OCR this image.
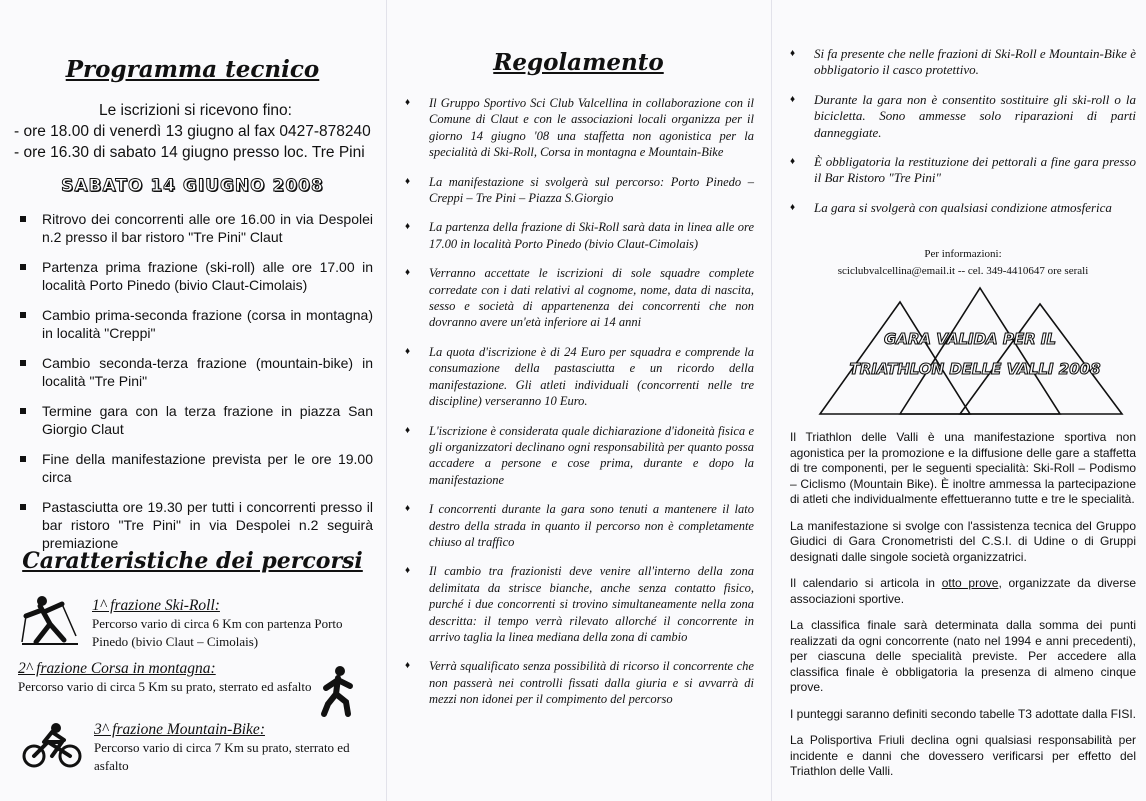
Programma tecnico
Le iscrizioni si ricevono fino:
- ore 18.00 di venerdì 13 giugno al fax 0427-878240
- ore 16.30 di sabato 14 giugno presso loc. Tre Pini
SABATO 14 GIUGNO 2008
Ritrovo dei concorrenti alle ore 16.00 in via Despolei n.2 presso il bar ristoro "Tre Pini" Claut
Partenza prima frazione (ski-roll) alle ore 17.00 in località Porto Pinedo (bivio Claut-Cimolais)
Cambio prima-seconda frazione (corsa in montagna) in località "Creppi"
Cambio seconda-terza frazione (mountain-bike) in località "Tre Pini"
Termine gara con la terza frazione in piazza San Giorgio Claut
Fine della manifestazione prevista per le ore 19.00 circa
Pastasciutta ore 19.30 per tutti i concorrenti presso il bar ristoro "Tre Pini" in via Despolei n.2 seguirà premiazione
Caratteristiche dei percorsi
1^ frazione Ski-Roll:
Percorso vario di circa 6 Km con partenza Porto Pinedo (bivio Claut – Cimolais)
2^ frazione Corsa in montagna:
Percorso vario di circa 5 Km su prato, sterrato ed asfalto
3^ frazione Mountain-Bike:
Percorso vario di circa 7 Km su prato, sterrato ed asfalto
Regolamento
♦ Il Gruppo Sportivo Sci Club Valcellina in collaborazione con il Comune di Claut e con le associazioni locali organizza per il giorno 14 giugno '08 una staffetta non agonistica per la specialità di Ski-Roll, Corsa in montagna e Mountain-Bike
♦ La manifestazione si svolgerà sul percorso: Porto Pinedo – Creppi – Tre Pini – Piazza S.Giorgio
♦ La partenza della frazione di Ski-Roll sarà data in linea alle ore 17.00 in località Porto Pinedo (bivio Claut-Cimolais)
♦ Verranno accettate le iscrizioni di sole squadre complete corredate con i dati relativi al cognome, nome, data di nascita, sesso e società di appartenenza dei concorrenti che non dovranno avere un'età inferiore ai 14 anni
♦ La quota d'iscrizione è di 24 Euro per squadra e comprende la consumazione della pastasciutta e un ricordo della manifestazione. Gli atleti individuali (concorrenti nelle tre discipline) verseranno 10 Euro.
♦ L'iscrizione è considerata quale dichiarazione d'idoneità fisica e gli organizzatori declinano ogni responsabilità per quanto possa accadere a persone e cose prima, durante e dopo la manifestazione
♦ I concorrenti durante la gara sono tenuti a mantenere il lato destro della strada in quanto il percorso non è completamente chiuso al traffico
♦ Il cambio tra frazionisti deve venire all'interno della zona delimitata da strisce bianche, anche senza contatto fisico, purché i due concorrenti si trovino simultaneamente nella zona descritta: il tempo verrà rilevato allorché il concorrente in arrivo taglia la linea mediana della zona di cambio
♦ Verrà squalificato senza possibilità di ricorso il concorrente che non passerà nei controlli fissati dalla giuria e si avvarrà di mezzi non idonei per il compimento del percorso
♦ Si fa presente che nelle frazioni di Ski-Roll e Mountain-Bike è obbligatorio il casco protettivo.
♦ Durante la gara non è consentito sostituire gli ski-roll o la bicicletta. Sono ammesse solo riparazioni di parti danneggiate.
♦ È obbligatoria la restituzione dei pettorali a fine gara presso il Bar Ristoro "Tre Pini"
♦ La gara si svolgerà con qualsiasi condizione atmosferica
Per informazioni:
sciclubvalcellina@email.it -- cel. 349-4410647 ore serali
GARA VALIDA PER IL
TRIATHLON DELLE VALLI 2008

Il Triathlon delle Valli è una manifestazione sportiva non agonistica per la promozione e la diffusione delle gare a staffetta di tre componenti, per le seguenti specialità: Ski-Roll – Podismo – Ciclismo (Mountain Bike). È inoltre ammessa la partecipazione di atleti che individualmente effettueranno tutte e tre le specialità.

La manifestazione si svolge con l'assistenza tecnica del Gruppo Giudici di Gara Cronometristi del C.S.I. di Udine o di Gruppi designati dalle singole società organizzatrici.

Il calendario si articola in otto prove, organizzate da diverse associazioni sportive.

La classifica finale sarà determinata dalla somma dei punti realizzati da ogni concorrente (nato nel 1994 e anni precedenti), per ciascuna delle specialità previste. Per accedere alla classifica finale è obbligatoria la presenza di almeno cinque prove.

I punteggi saranno definiti secondo tabelle T3 adottate dalla FISI.

La Polisportiva Friuli declina ogni qualsiasi responsabilità per incidente e danni che dovessero verificarsi per effetto del Triathlon delle Valli.
